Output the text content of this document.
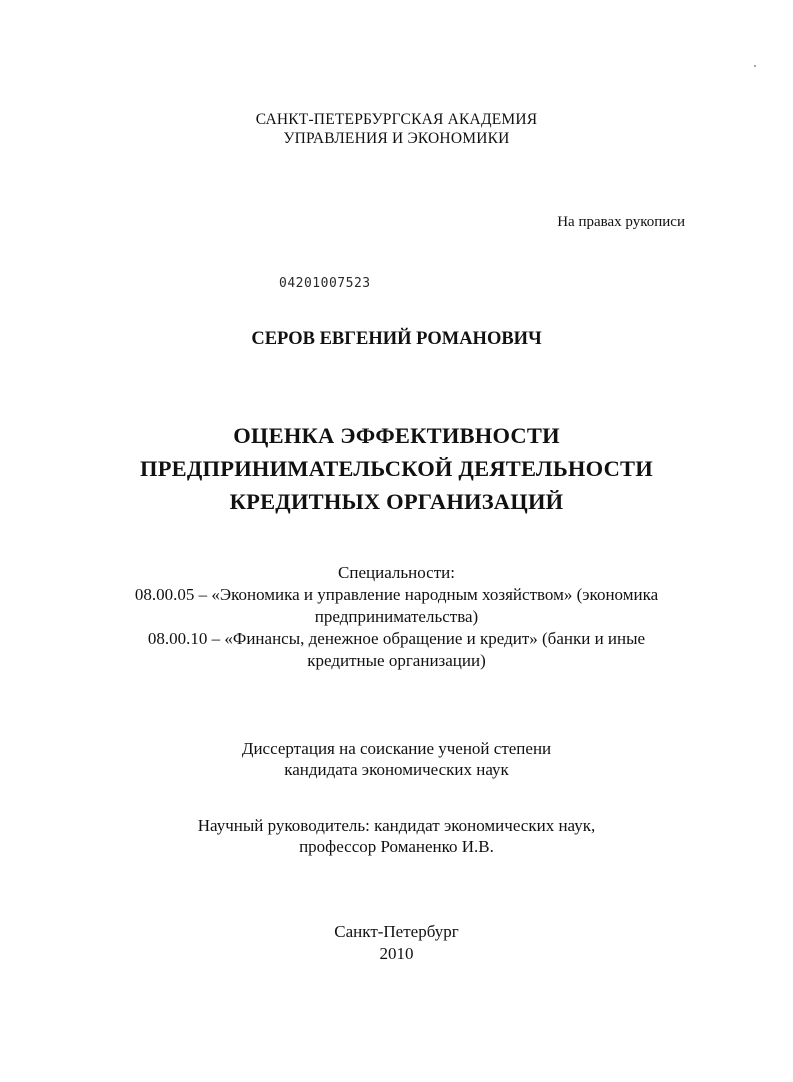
САНКТ-ПЕТЕРБУРГСКАЯ АКАДЕМИЯ
УПРАВЛЕНИЯ И ЭКОНОМИКИ
На правах рукописи
04201007523
СЕРОВ ЕВГЕНИЙ РОМАНОВИЧ
ОЦЕНКА ЭФФЕКТИВНОСТИ
ПРЕДПРИНИМАТЕЛЬСКОЙ ДЕЯТЕЛЬНОСТИ
КРЕДИТНЫХ ОРГАНИЗАЦИЙ
Специальности:
08.00.05 – «Экономика и управление народным хозяйством» (экономика
предпринимательства)
08.00.10 – «Финансы, денежное обращение и кредит» (банки и иные
кредитные организации)
Диссертация на соискание ученой степени
кандидата экономических наук
Научный руководитель: кандидат экономических наук,
профессор Романенко И.В.
Санкт-Петербург
2010
